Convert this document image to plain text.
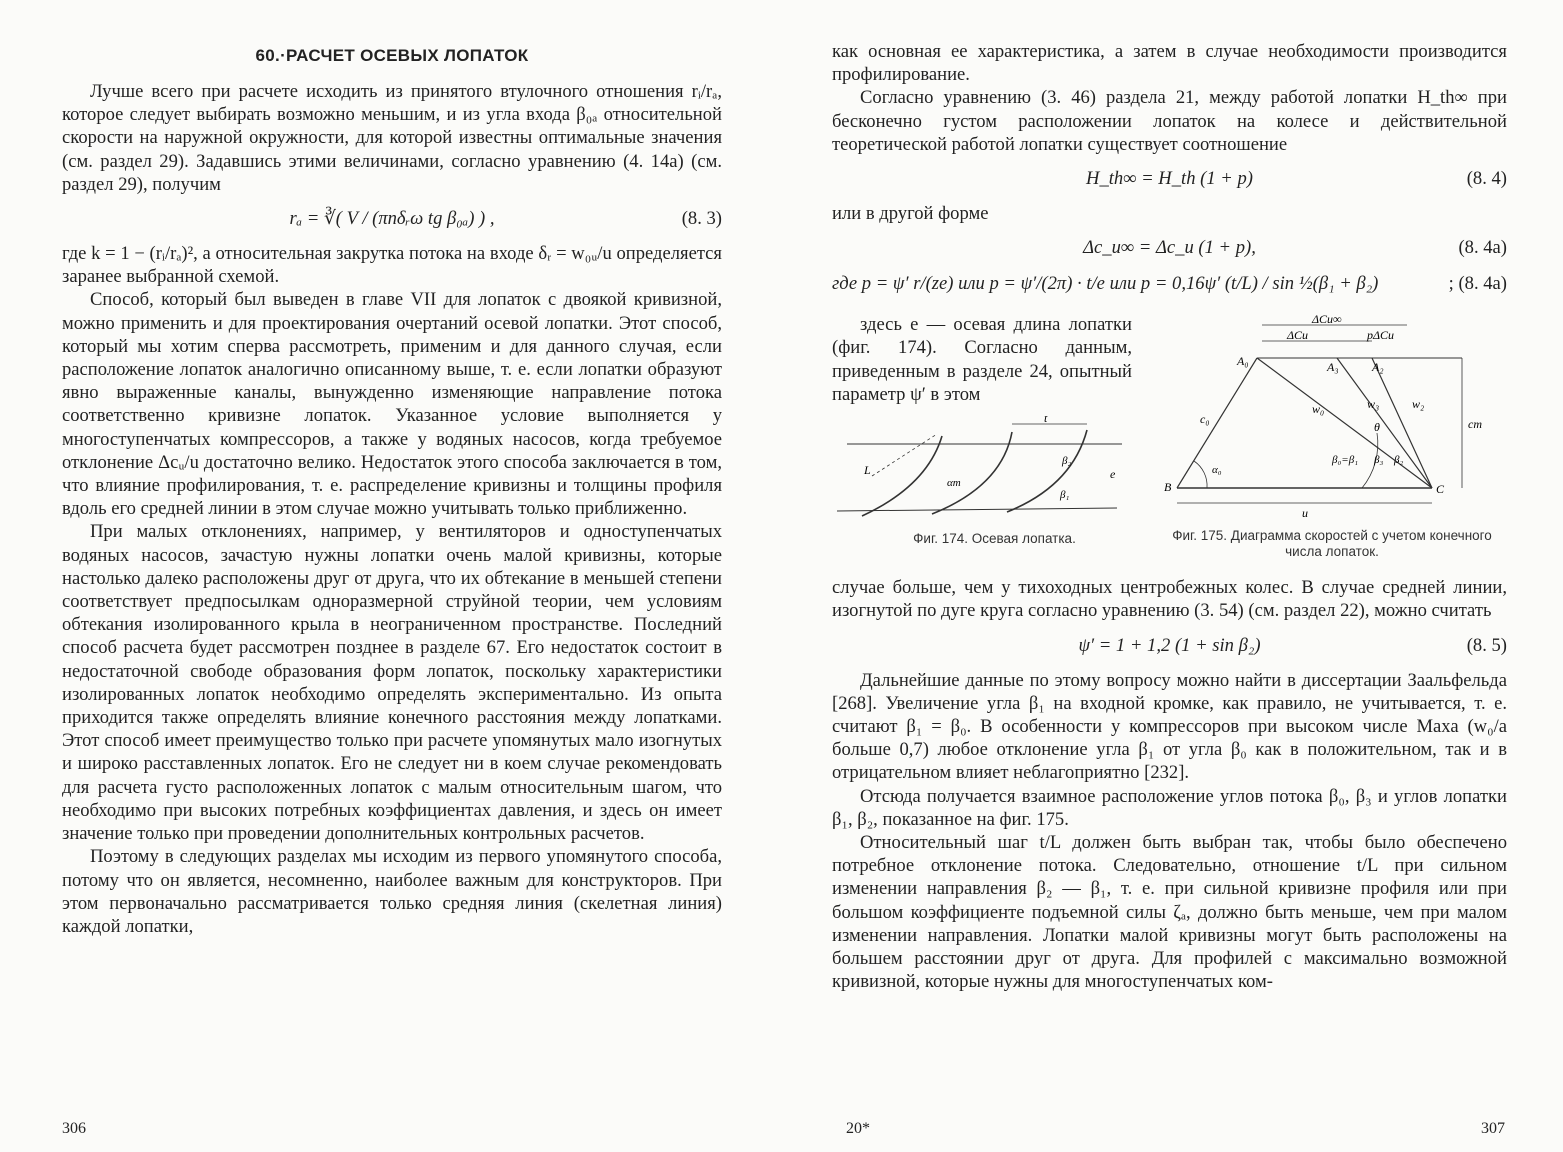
60.·РАСЧЕТ ОСЕВЫХ ЛОПАТОК

Лучше всего при расчете исходить из принятого втулочного отношения rᵢ/rₐ, которое следует выбирать возможно меньшим, и из угла входа β₀ₐ относительной скорости на наружной окружности, для которой известны оптимальные значения (см. раздел 29). Задавшись этими величинами, согласно уравнению (4. 14а) (см. раздел 29), получим

rₐ = ∛( V / (πnδᵣω tg β₀ₐ) ) ,	(8. 3)

где k = 1 − (rᵢ/rₐ)², а относительная закрутка потока на входе δᵣ = w₀ᵤ/u определяется заранее выбранной схемой.

Способ, который был выведен в главе VII для лопаток с двоякой кривизной, можно применить и для проектирования очертаний осевой лопатки. Этот способ, который мы хотим сперва рассмотреть, применим и для данного случая, если расположение лопаток аналогично описанному выше, т. е. если лопатки образуют явно выраженные каналы, вынужденно изменяющие направление потока соответственно кривизне лопаток. Указанное условие выполняется у многоступенчатых компрессоров, а также у водяных насосов, когда требуемое отклонение Δcᵤ/u достаточно велико. Недостаток этого способа заключается в том, что влияние профилирования, т. е. распределение кривизны и толщины профиля вдоль его средней линии в этом случае можно учитывать только приближенно.

При малых отклонениях, например, у вентиляторов и одноступенчатых водяных насосов, зачастую нужны лопатки очень малой кривизны, которые настолько далеко расположены друг от друга, что их обтекание в меньшей степени соответствует предпосылкам одноразмерной струйной теории, чем условиям обтекания изолированного крыла в неограниченном пространстве. Последний способ расчета будет рассмотрен позднее в разделе 67. Его недостаток состоит в недостаточной свободе образования форм лопаток, поскольку характеристики изолированных лопаток необходимо определять экспериментально. Из опыта приходится также определять влияние конечного расстояния между лопатками. Этот способ имеет преимущество только при расчете упомянутых мало изогнутых и широко расставленных лопаток. Его не следует ни в коем случае рекомендовать для расчета густо расположенных лопаток с малым относительным шагом, что необходимо при высоких потребных коэффициентах давления, и здесь он имеет значение только при проведении дополнительных контрольных расчетов.

Поэтому в следующих разделах мы исходим из первого упомянутого способа, потому что он является, несомненно, наиболее важным для конструкторов. При этом первоначально рассматривается только средняя линия (скелетная линия) каждой лопатки,

306

как основная ее характеристика, а затем в случае необходимости производится профилирование.

Согласно уравнению (3. 46) раздела 21, между работой лопатки H_th∞ при бесконечно густом расположении лопаток на колесе и действительной теоретической работой лопатки существует соотношение

H_th∞ = H_th (1 + p)	(8. 4)

или в другой форме

Δc_u∞ = Δc_u (1 + p),	(8. 4а)
где p = ψ′ r/(ze) или p = ψ′/(2π) · t/e или p = 0,16ψ′ (t/L) / sin ½(β₁ + β₂)	; (8. 4а)

здесь e — осевая длина лопатки (фиг. 174). Согласно данным, приведенным в разделе 24, опытный параметр ψ′ в этом

t
L
αm
β₂
β₁
e
Фиг. 174. Осевая лопатка.
ΔCu∞
ΔCu	pΔCu
A₀	A₃	A₂
w₀	w₃	w₂
θ
c₀
α₀
cm
β₀=β₁ β₃ β₂
B	C
u
Фиг. 175. Диаграмма скоростей с учетом конечного числа лопаток.

случае больше, чем у тихоходных центробежных колес. В случае средней линии, изогнутой по дуге круга согласно уравнению (3. 54) (см. раздел 22), можно считать

ψ′ = 1 + 1,2 (1 + sin β₂)	(8. 5)

Дальнейшие данные по этому вопросу можно найти в диссертации Заальфельда [268]. Увеличение угла β₁ на входной кромке, как правило, не учитывается, т. е. считают β₁ = β₀. В особенности у компрессоров при высоком числе Маха (w₀/a больше 0,7) любое отклонение угла β₁ от угла β₀ как в положительном, так и в отрицательном влияет неблагоприятно [232].

Отсюда получается взаимное расположение углов потока β₀, β₃ и углов лопатки β₁, β₂, показанное на фиг. 175.

Относительный шаг t/L должен быть выбран так, чтобы было обеспечено потребное отклонение потока. Следовательно, отношение t/L при сильном изменении направления β₂ — β₁, т. е. при сильной кривизне профиля или при большом коэффициенте подъемной силы ζₐ, должно быть меньше, чем при малом изменении направления. Лопатки малой кривизны могут быть расположены на большем расстоянии друг от друга. Для профилей с максимально возможной кривизной, которые нужны для многоступенчатых ком-

20*	307
